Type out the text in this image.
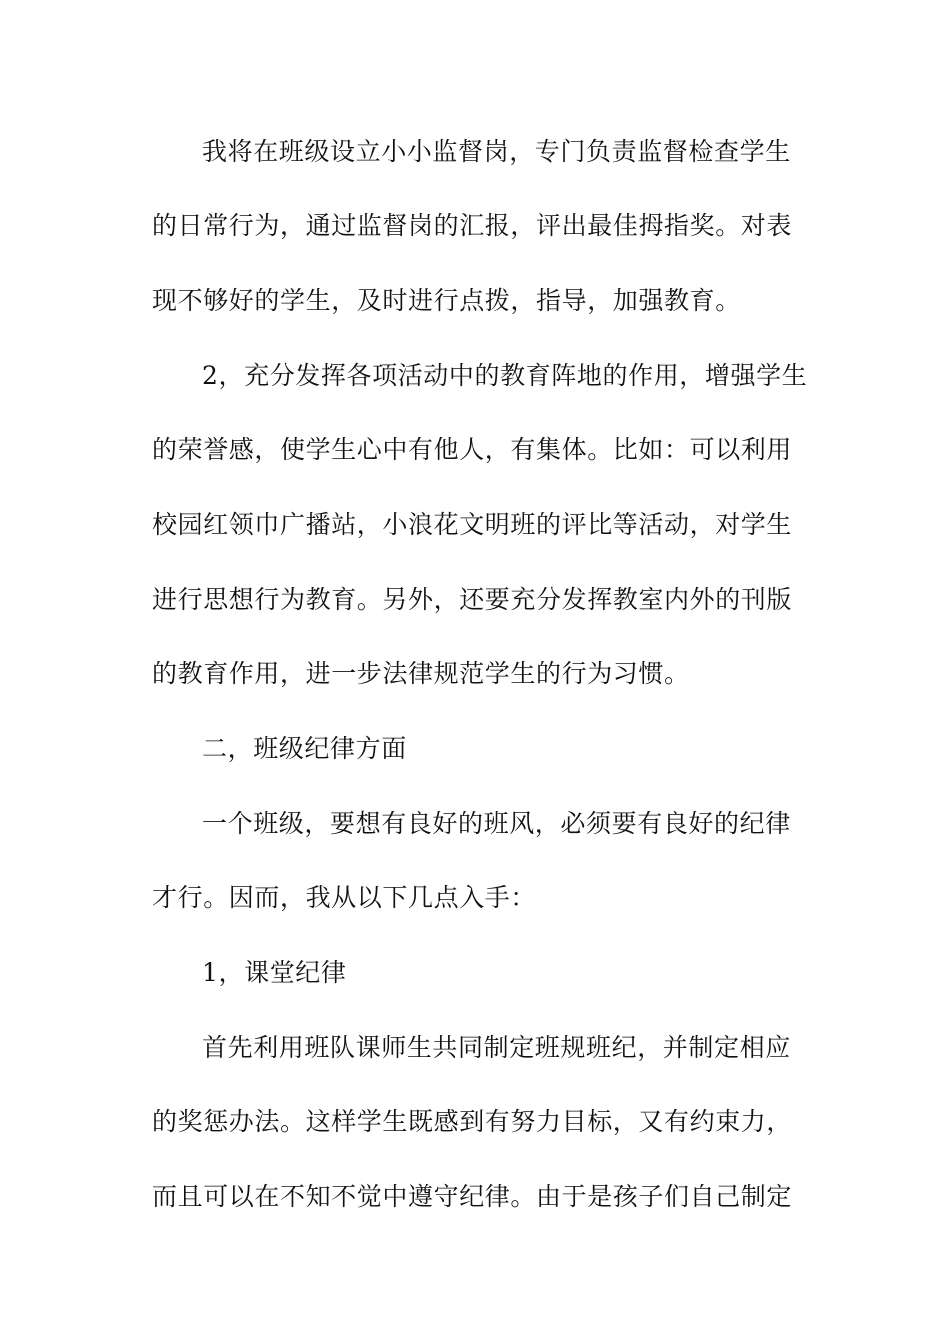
我将在班级设立小小监督岗，专门负责监督检查学生
的日常行为，通过监督岗的汇报，评出最佳拇指奖。对表
现不够好的学生，及时进行点拨，指导，加强教育。
2，充分发挥各项活动中的教育阵地的作用，增强学生
的荣誉感，使学生心中有他人，有集体。比如：可以利用
校园红领巾广播站，小浪花文明班的评比等活动，对学生
进行思想行为教育。另外，还要充分发挥教室内外的刊版
的教育作用，进一步法律规范学生的行为习惯。
二，班级纪律方面
一个班级，要想有良好的班风，必须要有良好的纪律
才行。因而，我从以下几点入手：
1，课堂纪律
首先利用班队课师生共同制定班规班纪，并制定相应
的奖惩办法。这样学生既感到有努力目标，又有约束力，
而且可以在不知不觉中遵守纪律。由于是孩子们自己制定
